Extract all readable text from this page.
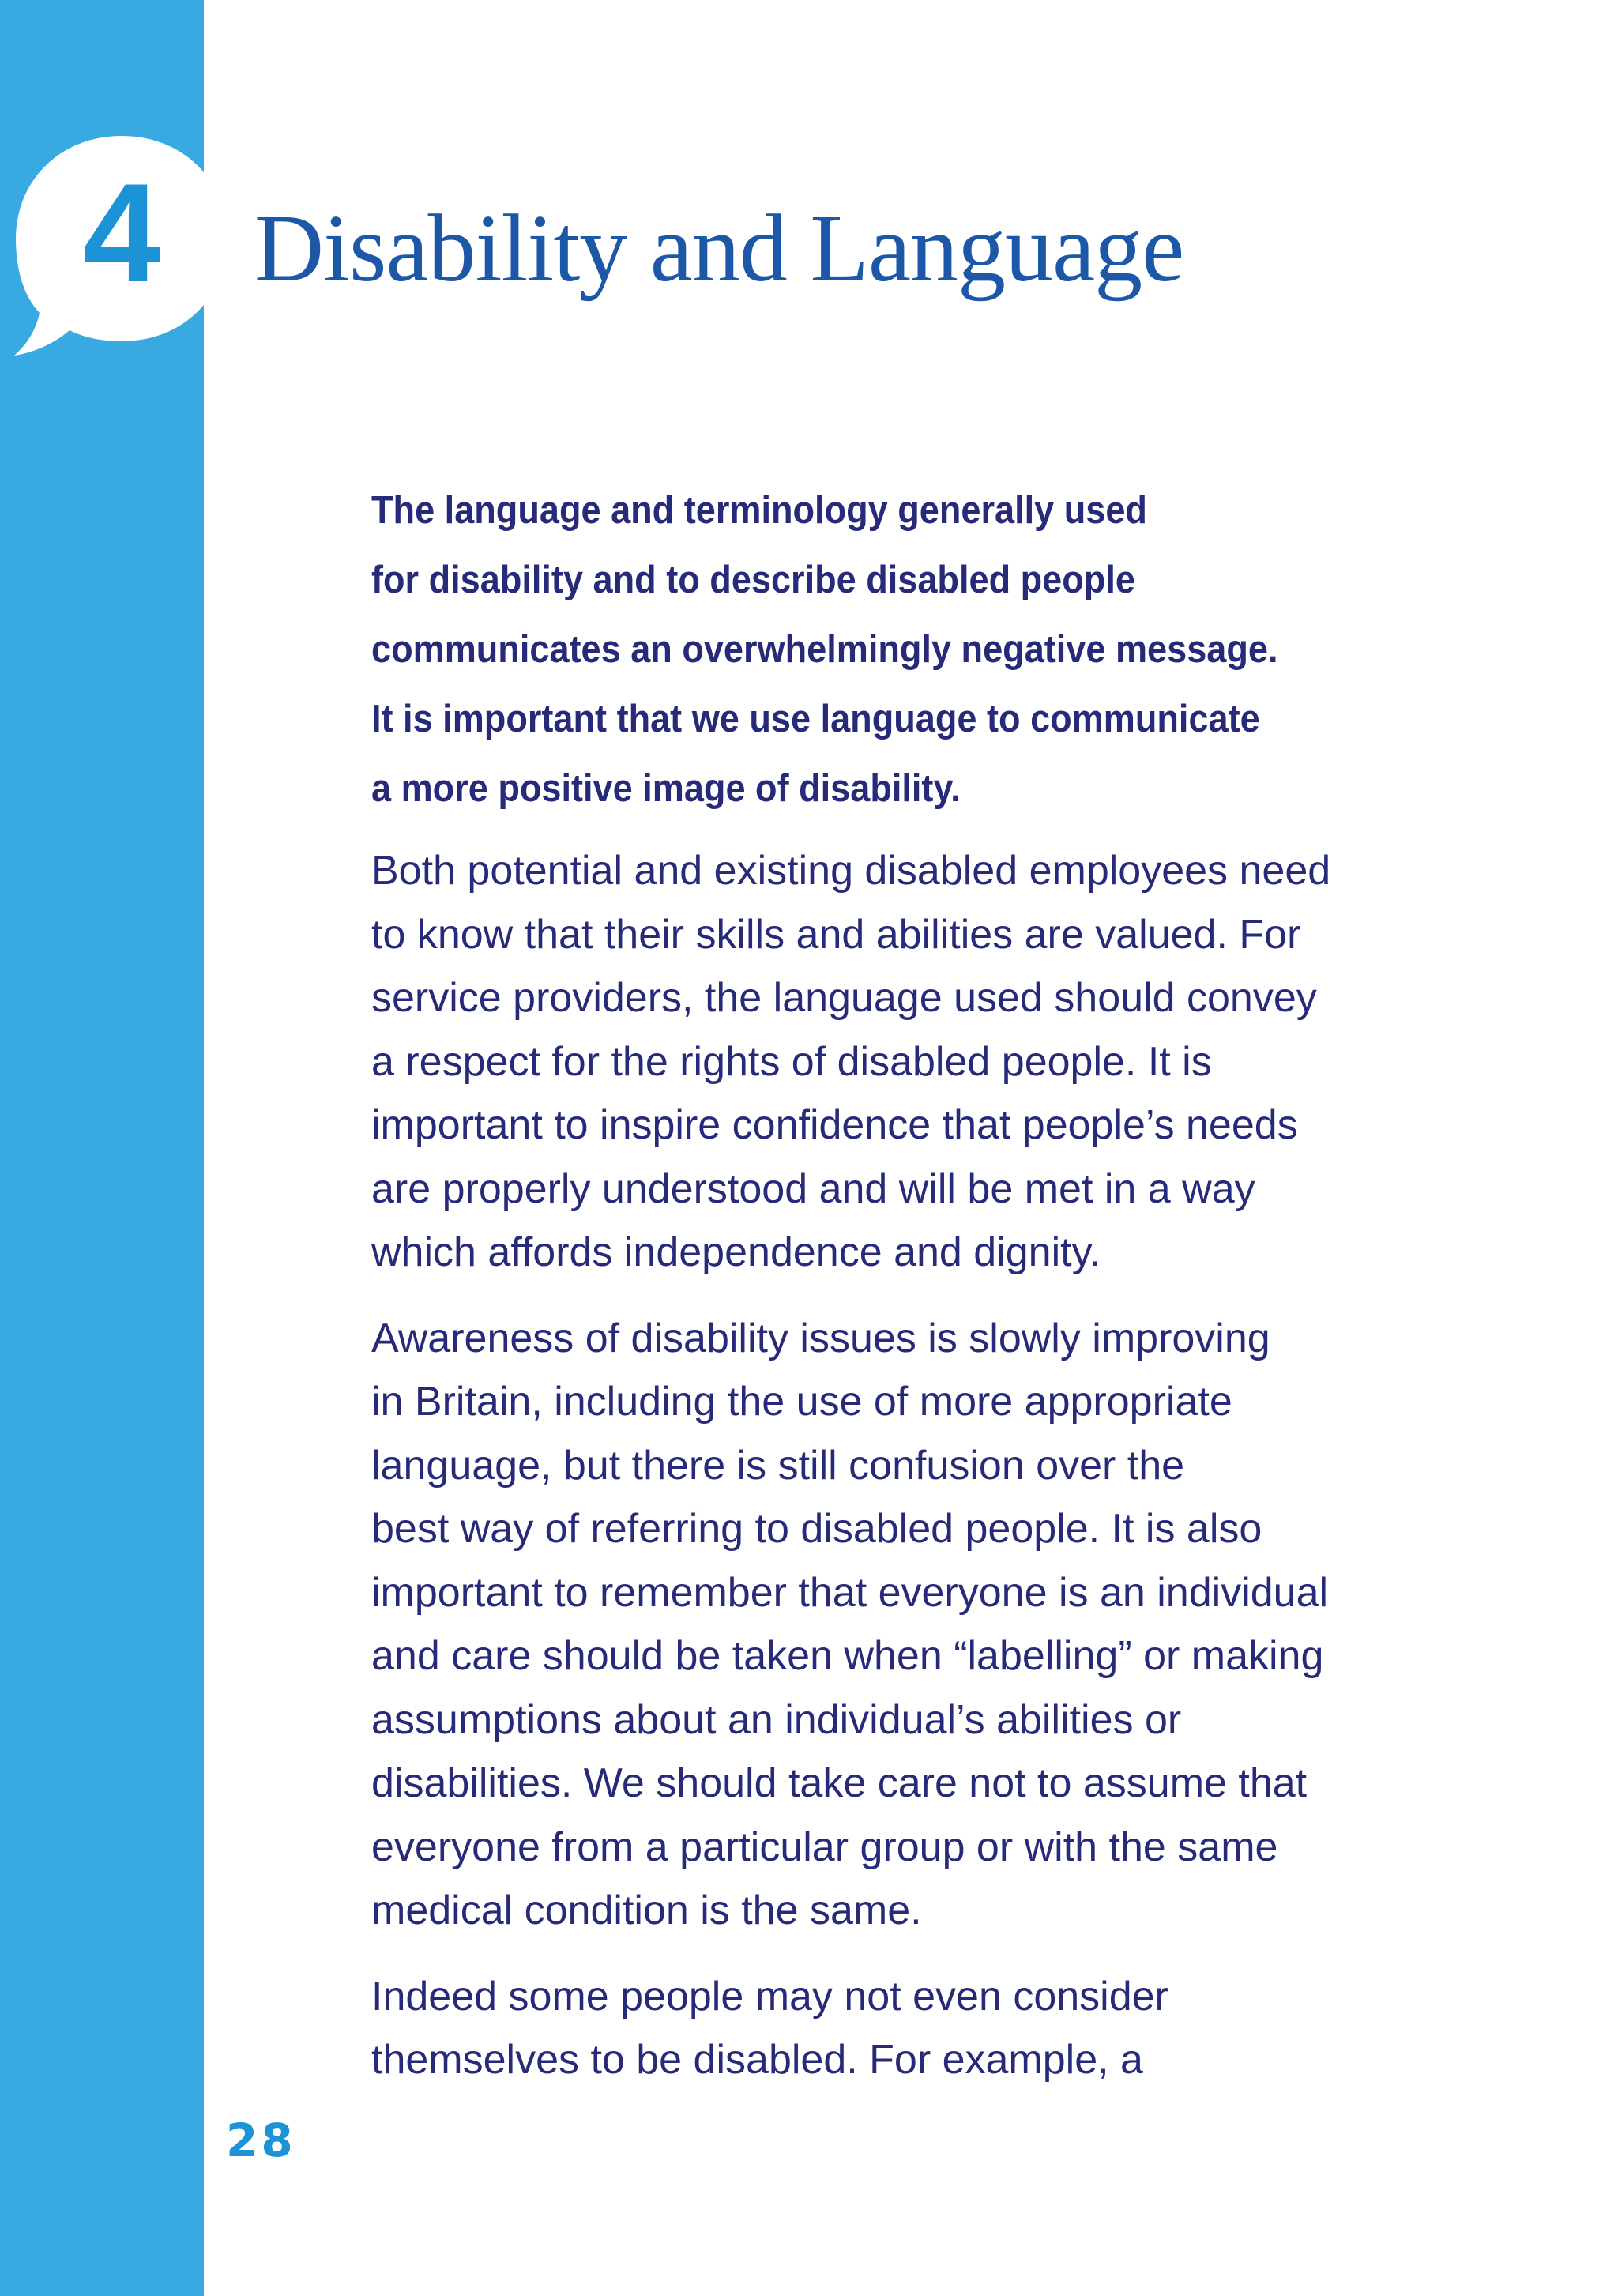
4 Disability and Language

The language and terminology generally used
for disability and to describe disabled people
communicates an overwhelmingly negative message.
It is important that we use language to communicate
a more positive image of disability.

Both potential and existing disabled employees need
to know that their skills and abilities are valued. For
service providers, the language used should convey
a respect for the rights of disabled people. It is
important to inspire confidence that people’s needs
are properly understood and will be met in a way
which affords independence and dignity.

Awareness of disability issues is slowly improving
in Britain, including the use of more appropriate
language, but there is still confusion over the
best way of referring to disabled people. It is also
important to remember that everyone is an individual
and care should be taken when “labelling” or making
assumptions about an individual’s abilities or
disabilities. We should take care not to assume that
everyone from a particular group or with the same
medical condition is the same.

Indeed some people may not even consider
themselves to be disabled. For example, a

28
